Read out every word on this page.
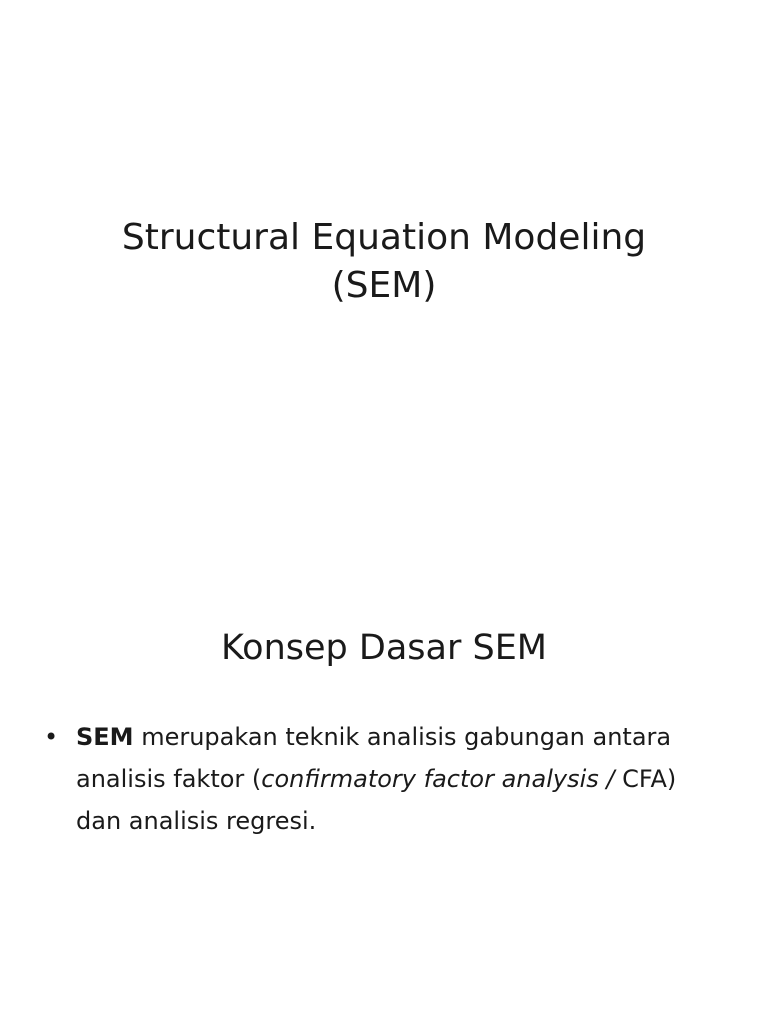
Structural Equation Modeling
(SEM)
Konsep Dasar SEM
• SEM merupakan teknik analisis gabungan antara analisis faktor (confirmatory factor analysis / CFA) dan analisis regresi.
